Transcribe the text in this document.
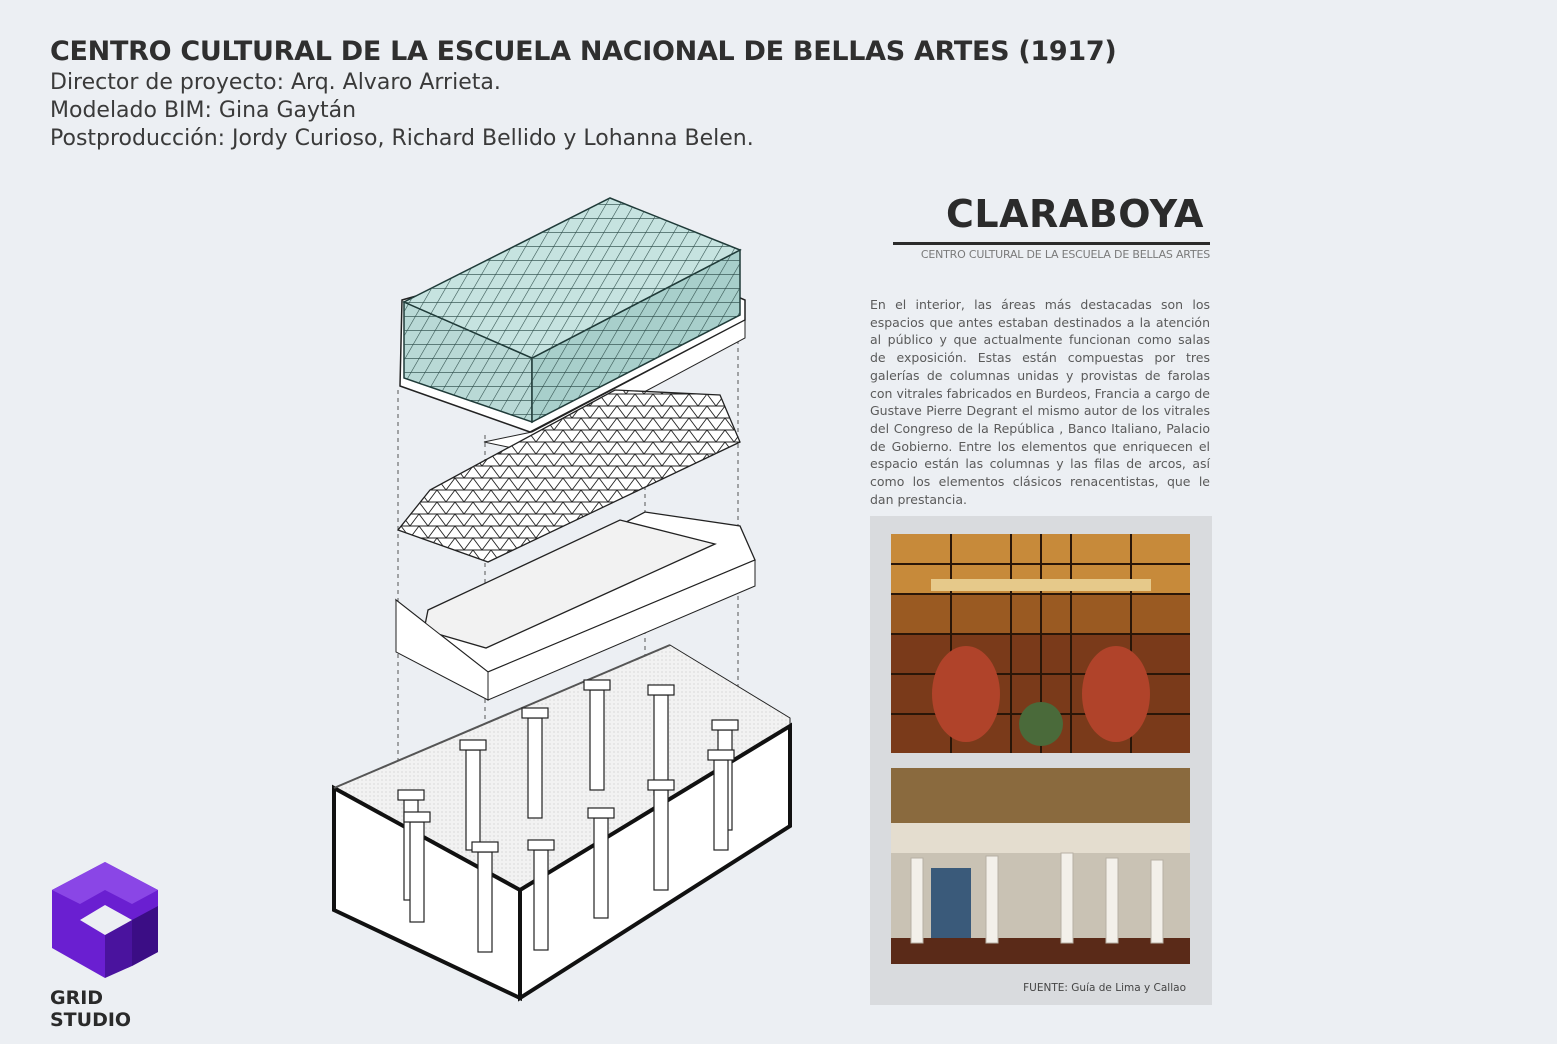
CENTRO CULTURAL DE LA ESCUELA NACIONAL DE BELLAS ARTES (1917)
Director de proyecto: Arq. Alvaro Arrieta.
Modelado BIM: Gina Gaytán
Postproducción: Jordy Curioso, Richard Bellido y Lohanna Belen.
CLARABOYA
CENTRO CULTURAL DE LA ESCUELA DE BELLAS ARTES
En el interior, las áreas más destacadas son los espacios que antes estaban destinados a la atención al público y que actualmente funcionan como salas de exposición. Estas están compuestas por tres galerías de columnas unidas y provistas de farolas con vitrales fabricados en Burdeos, Francia a cargo de Gustave Pierre Degrant el mismo autor de los vitrales del Congreso de la República , Banco Italiano, Palacio de Gobierno. Entre los elementos que enriquecen el espacio están las columnas y las filas de arcos, así como los elementos clásicos renacentistas, que le dan prestancia.
FUENTE: Guía de Lima y Callao
GRID STUDIO
